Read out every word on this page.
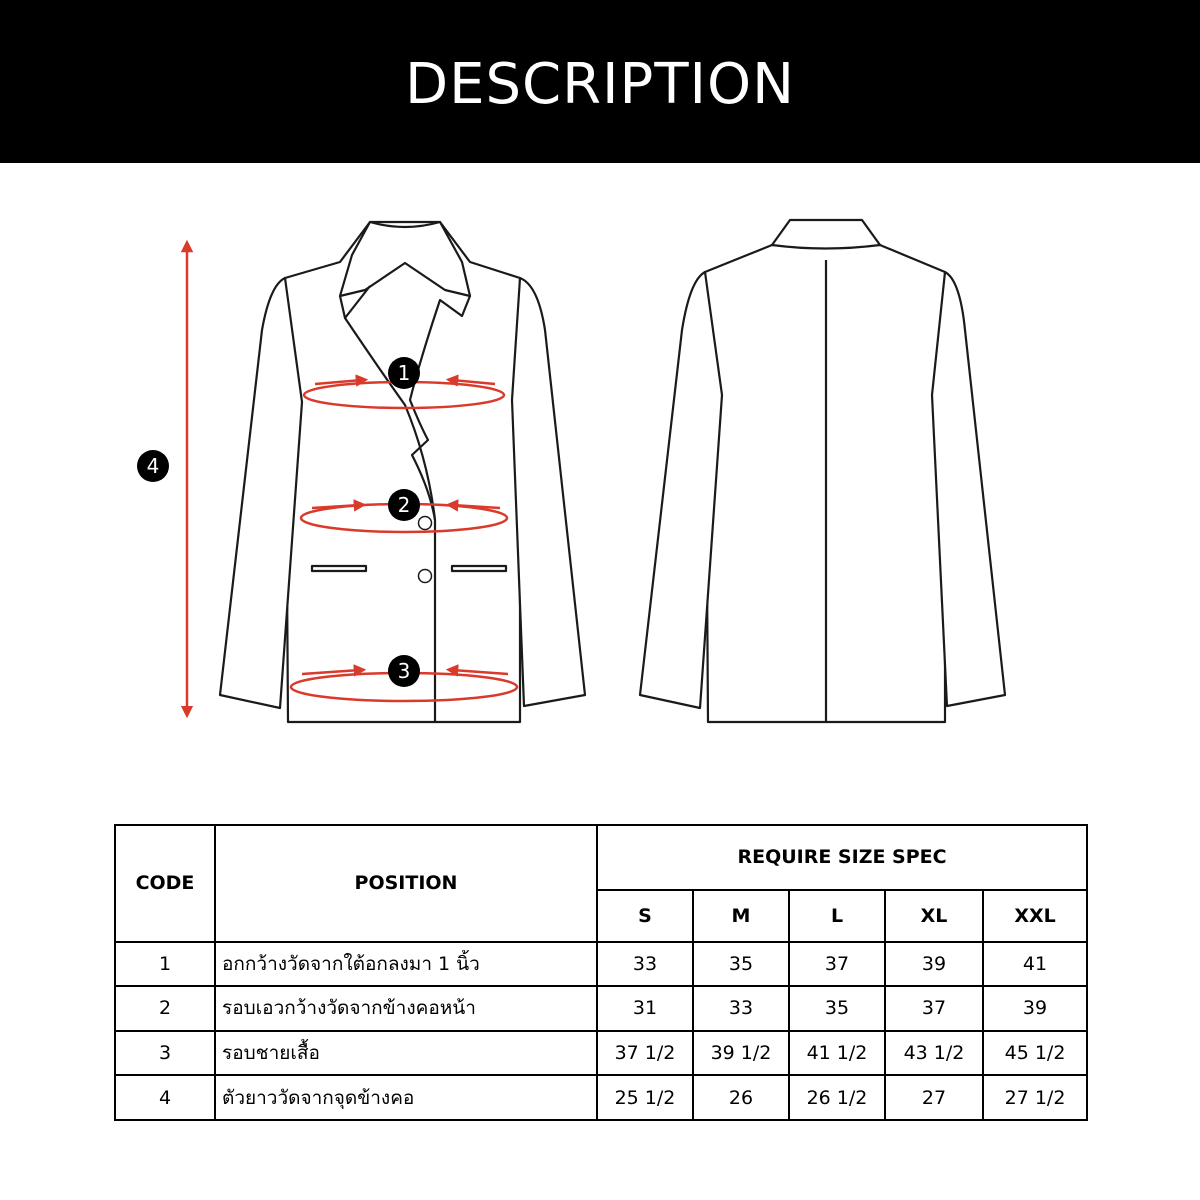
DESCRIPTION
1
2
3
4
CODE	POSITION	REQUIRE SIZE SPEC				
		S	M	L	XL	XXL
1	อกกว้างวัดจากใต้อกลงมา 1 นิ้ว	33	35	37	39	41
2	รอบเอวกว้างวัดจากข้างคอหน้า	31	33	35	37	39
3	รอบชายเสื้อ	37 1/2	39 1/2	41 1/2	43 1/2	45 1/2
4	ตัวยาววัดจากจุดข้างคอ	25 1/2	26	26 1/2	27	27 1/2
